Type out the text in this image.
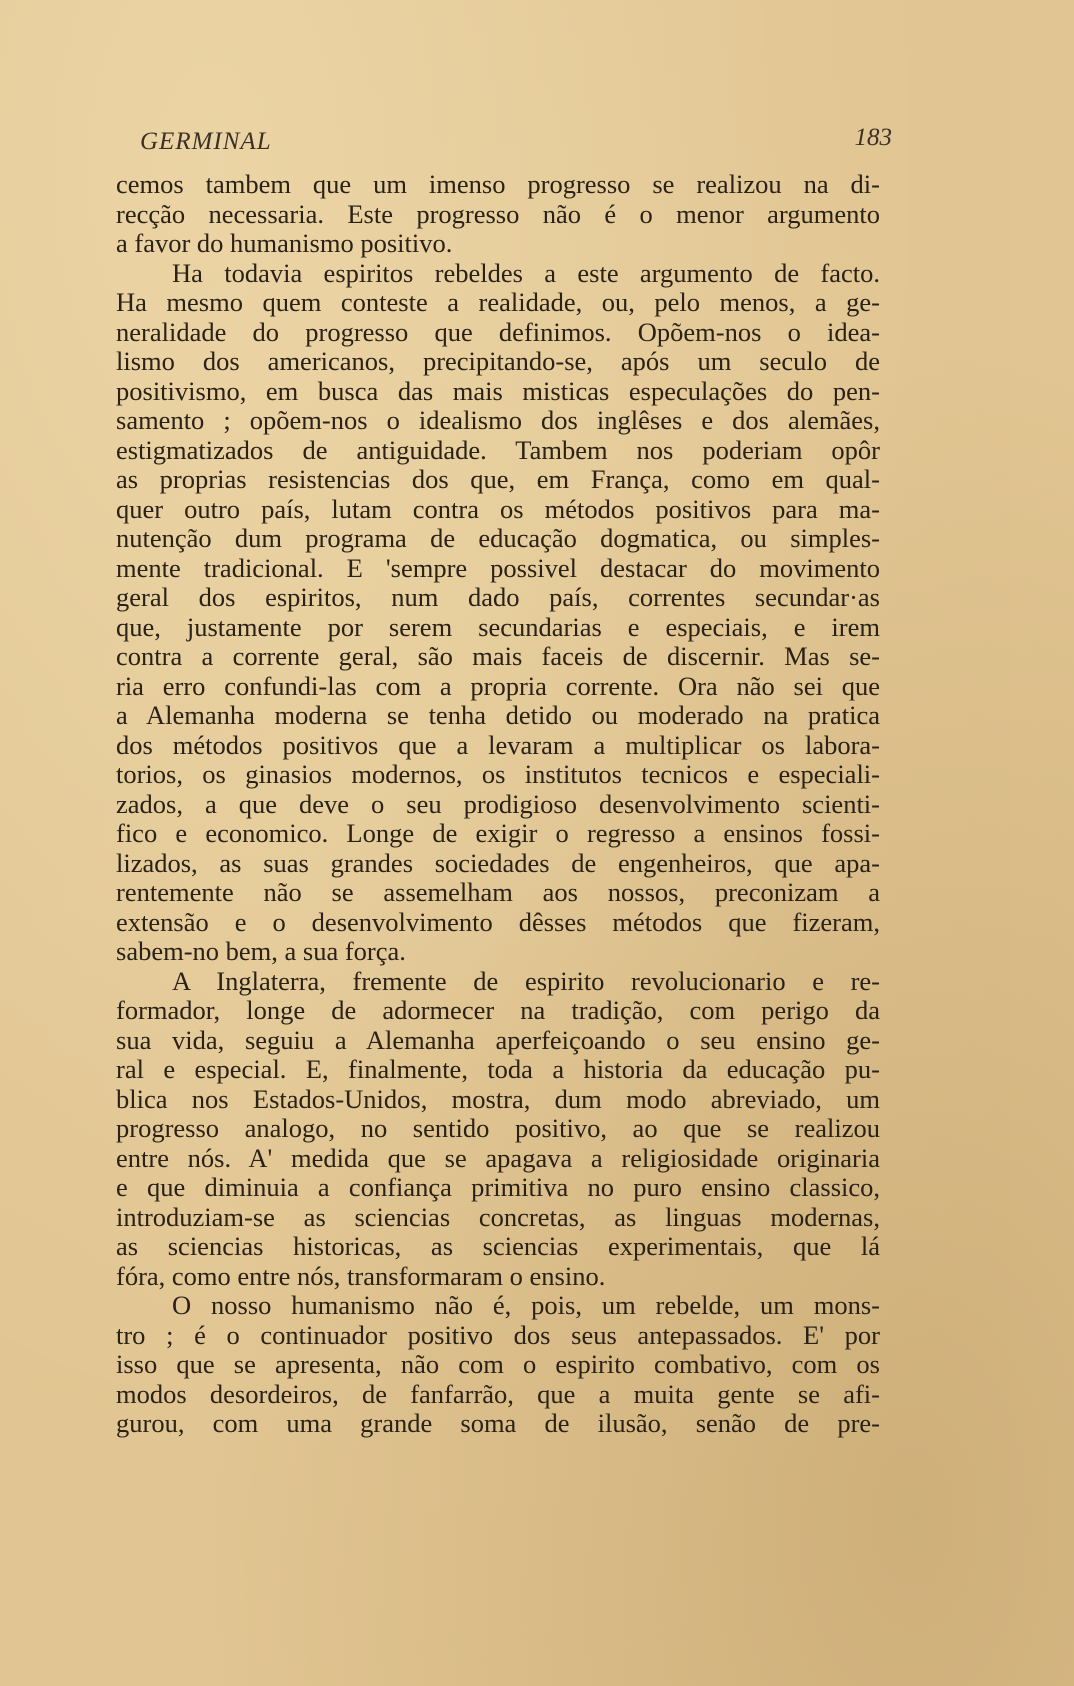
GERMINAL	183
cemos tambem que um imenso progresso se realizou na di-
recção necessaria. Este progresso não é o menor argumento
a favor do humanismo positivo.
Ha todavia espiritos rebeldes a este argumento de facto.
Ha mesmo quem conteste a realidade, ou, pelo menos, a ge-
neralidade do progresso que definimos. Opõem-nos o idea-
lismo dos americanos, precipitando-se, após um seculo de
positivismo, em busca das mais misticas especulações do pen-
samento ; opõem-nos o idealismo dos inglêses e dos alemães,
estigmatizados de antiguidade. Tambem nos poderiam opôr
as proprias resistencias dos que, em França, como em qual-
quer outro país, lutam contra os métodos positivos para ma-
nutenção dum programa de educação dogmatica, ou simples-
mente tradicional. E 'sempre possivel destacar do movimento
geral dos espiritos, num dado país, correntes secundar·as
que, justamente por serem secundarias e especiais, e irem
contra a corrente geral, são mais faceis de discernir. Mas se-
ria erro confundi-las com a propria corrente. Ora não sei que
a Alemanha moderna se tenha detido ou moderado na pratica
dos métodos positivos que a levaram a multiplicar os labora-
torios, os ginasios modernos, os institutos tecnicos e especiali-
zados, a que deve o seu prodigioso desenvolvimento scienti-
fico e economico. Longe de exigir o regresso a ensinos fossi-
lizados, as suas grandes sociedades de engenheiros, que apa-
rentemente não se assemelham aos nossos, preconizam a
extensão e o desenvolvimento dêsses métodos que fizeram,
sabem-no bem, a sua força.
A Inglaterra, fremente de espirito revolucionario e re-
formador, longe de adormecer na tradição, com perigo da
sua vida, seguiu a Alemanha aperfeiçoando o seu ensino ge-
ral e especial. E, finalmente, toda a historia da educação pu-
blica nos Estados-Unidos, mostra, dum modo abreviado, um
progresso analogo, no sentido positivo, ao que se realizou
entre nós. A' medida que se apagava a religiosidade originaria
e que diminuia a confiança primitiva no puro ensino classico,
introduziam-se as sciencias concretas, as linguas modernas,
as sciencias historicas, as sciencias experimentais, que lá
fóra, como entre nós, transformaram o ensino.
O nosso humanismo não é, pois, um rebelde, um mons-
tro ; é o continuador positivo dos seus antepassados. E' por
isso que se apresenta, não com o espirito combativo, com os
modos desordeiros, de fanfarrão, que a muita gente se afi-
gurou, com uma grande soma de ilusão, senão de pre-
